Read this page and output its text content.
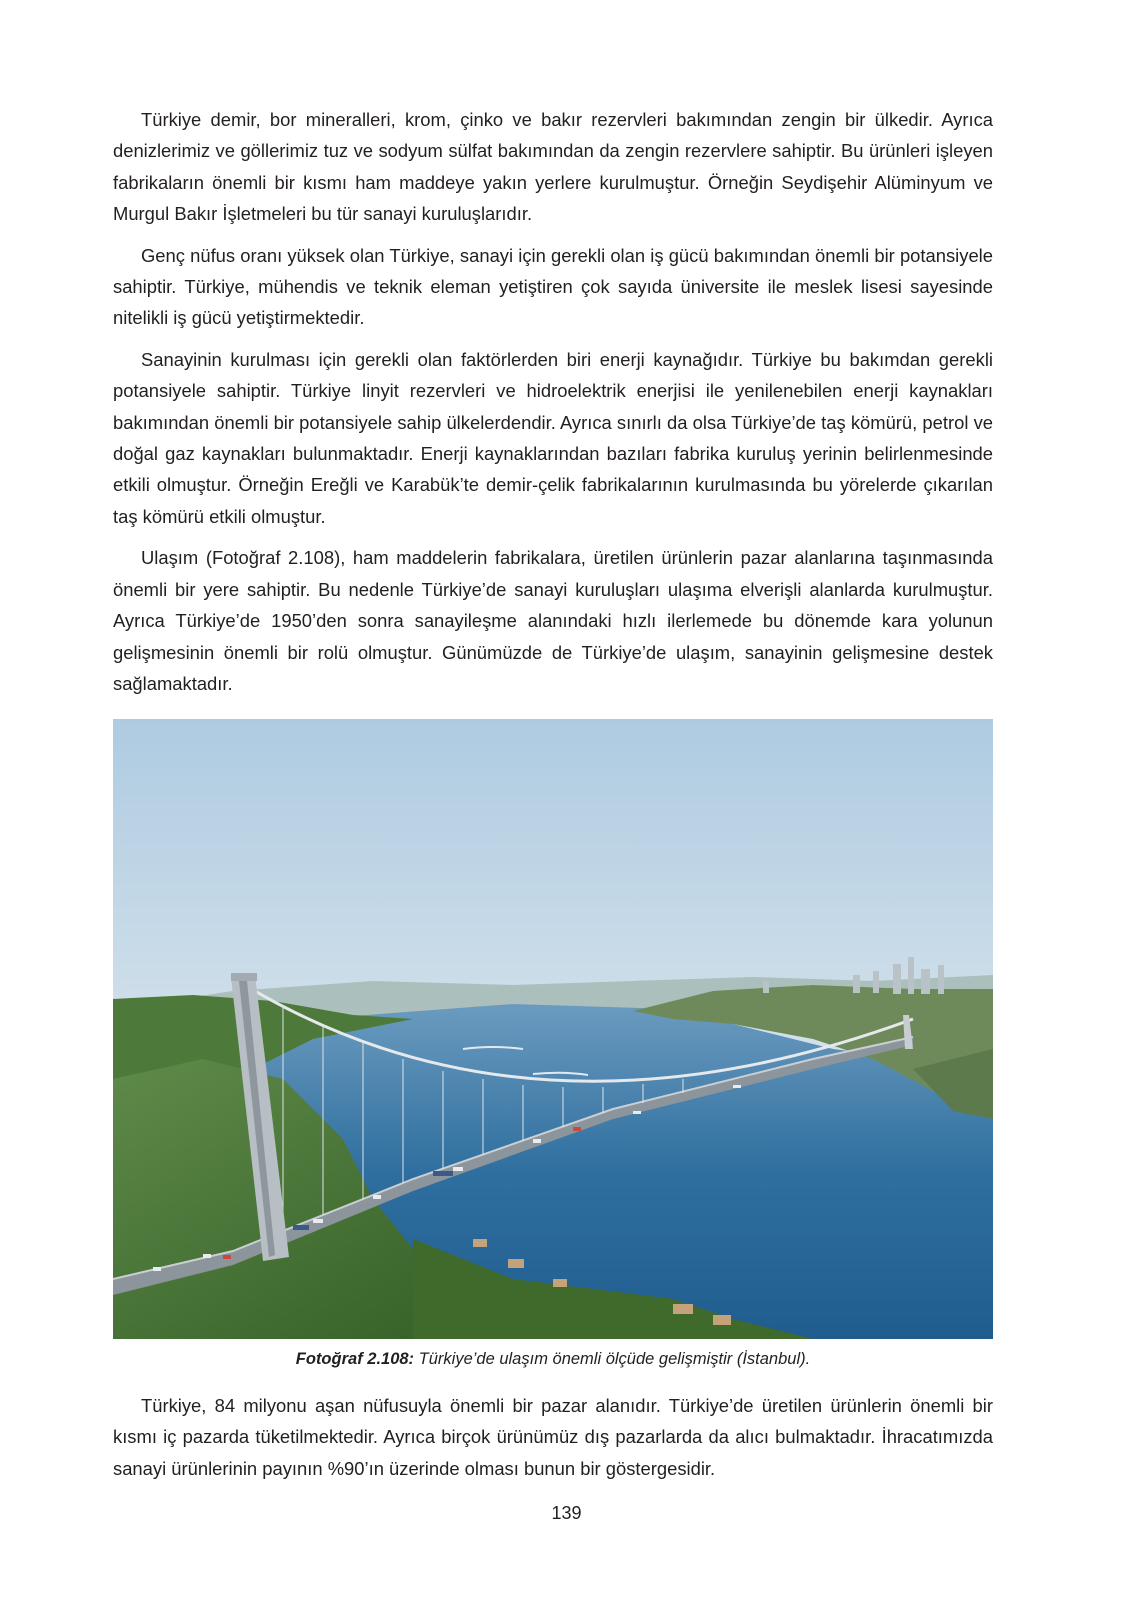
Türkiye demir, bor mineralleri, krom, çinko ve bakır rezervleri bakımından zengin bir ülkedir. Ayrıca denizlerimiz ve göllerimiz tuz ve sodyum sülfat bakımından da zengin rezervlere sahiptir. Bu ürünleri işleyen fabrikaların önemli bir kısmı ham maddeye yakın yerlere kurulmuştur. Örneğin Seydişehir Alüminyum ve Murgul Bakır İşletmeleri bu tür sanayi kuruluşlarıdır.

Genç nüfus oranı yüksek olan Türkiye, sanayi için gerekli olan iş gücü bakımından önemli bir potansiyele sahiptir. Türkiye, mühendis ve teknik eleman yetiştiren çok sayıda üniversite ile meslek lisesi sayesinde nitelikli iş gücü yetiştirmektedir.

Sanayinin kurulması için gerekli olan faktörlerden biri enerji kaynağıdır. Türkiye bu bakımdan gerekli potansiyele sahiptir. Türkiye linyit rezervleri ve hidroelektrik enerjisi ile yenilenebilen enerji kaynakları bakımından önemli bir potansiyele sahip ülkelerdendir. Ayrıca sınırlı da olsa Türkiye’de taş kömürü, petrol ve doğal gaz kaynakları bulunmaktadır. Enerji kaynaklarından bazıları fabrika kuruluş yerinin belirlenmesinde etkili olmuştur. Örneğin Ereğli ve Karabük’te demir-çelik fabrikalarının kurulmasında bu yörelerde çıkarılan taş kömürü etkili olmuştur.

Ulaşım (Fotoğraf 2.108), ham maddelerin fabrikalara, üretilen ürünlerin pazar alanlarına taşınmasında önemli bir yere sahiptir. Bu nedenle Türkiye’de sanayi kuruluşları ulaşıma elverişli alanlarda kurulmuştur. Ayrıca Türkiye’de 1950’den sonra sanayileşme alanındaki hızlı ilerlemede bu dönemde kara yolunun gelişmesinin önemli bir rolü olmuştur. Günümüzde de Türkiye’de ulaşım, sanayinin gelişmesine destek sağlamaktadır.

Fotoğraf 2.108: Türkiye’de ulaşım önemli ölçüde gelişmiştir (İstanbul).

Türkiye, 84 milyonu aşan nüfusuyla önemli bir pazar alanıdır. Türkiye’de üretilen ürünlerin önemli bir kısmı iç pazarda tüketilmektedir. Ayrıca birçok ürünümüz dış pazarlarda da alıcı bulmaktadır. İhracatımızda sanayi ürünlerinin payının %90’ın üzerinde olması bunun bir göstergesidir.

139
